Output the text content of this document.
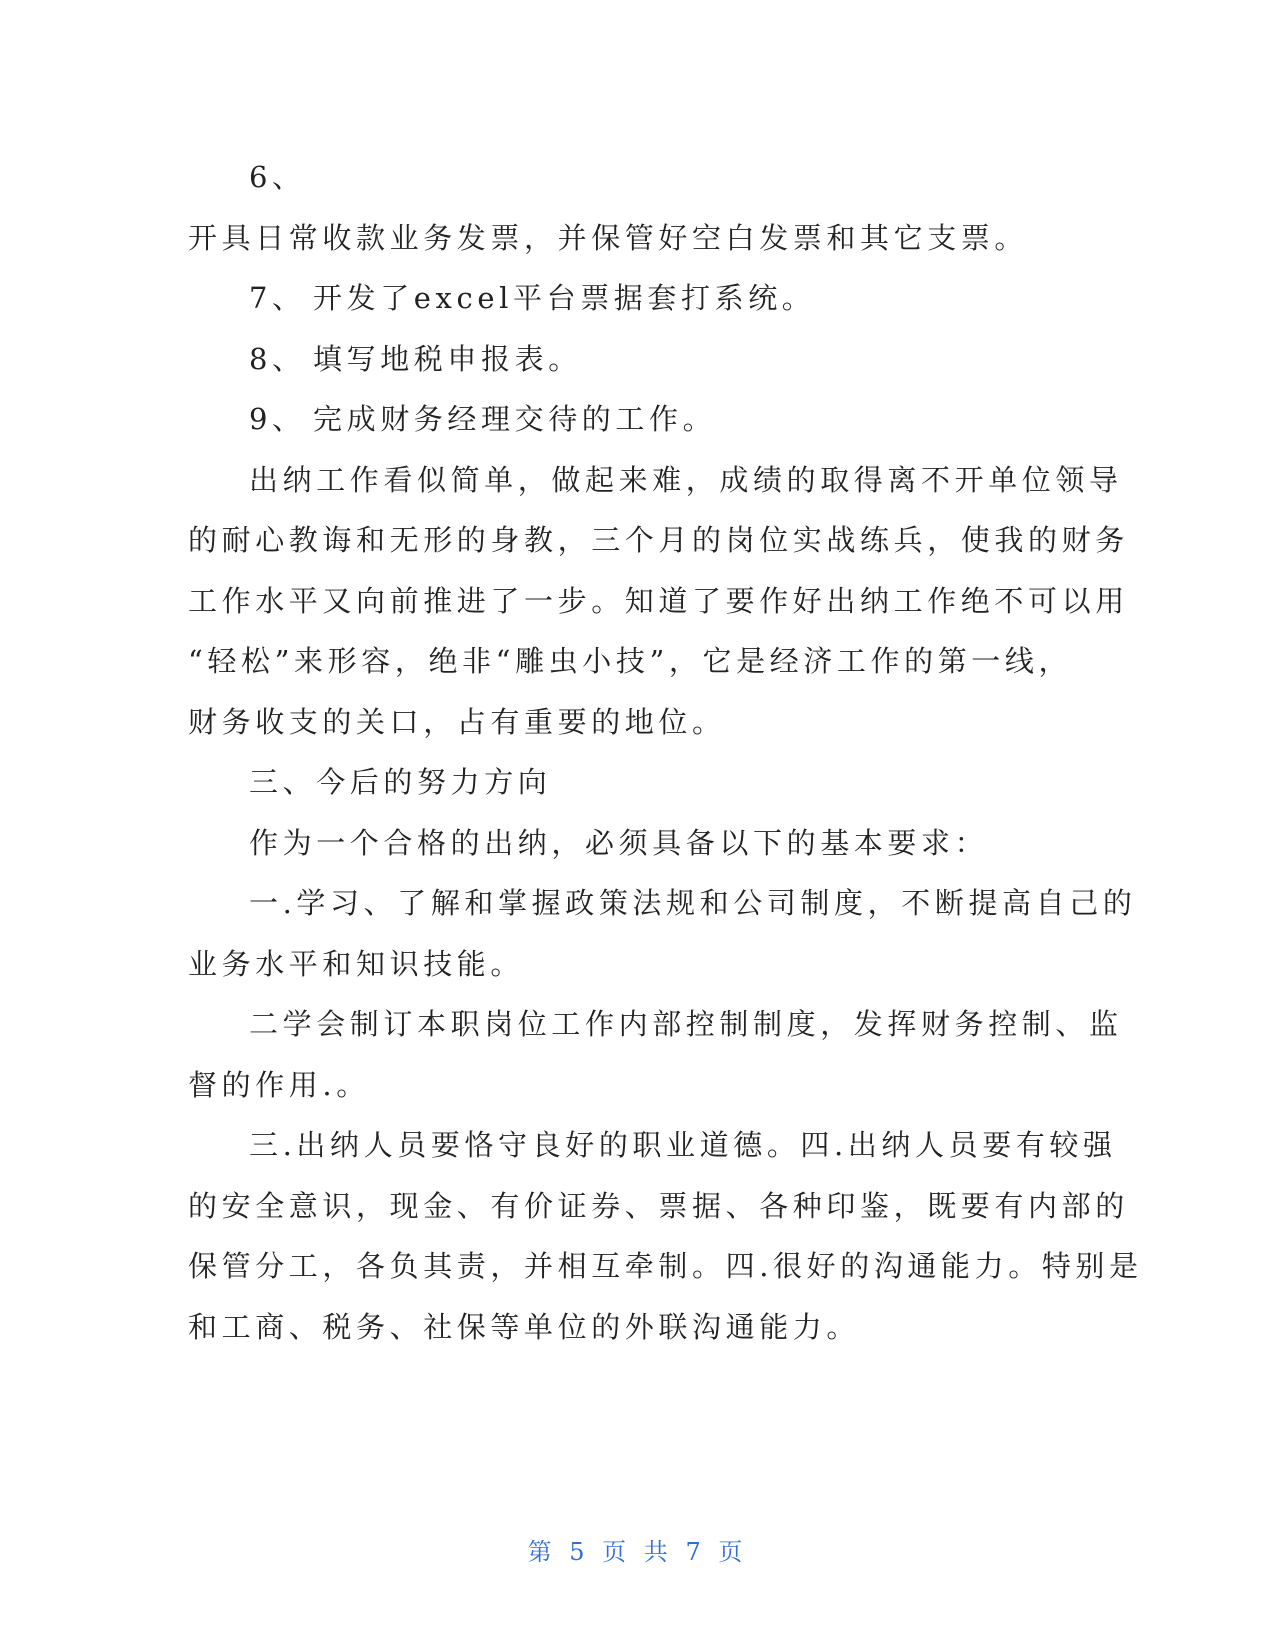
6、
开具日常收款业务发票，并保管好空白发票和其它支票。
7、 开发了excel平台票据套打系统。
8、 填写地税申报表。
9、 完成财务经理交待的工作。
出纳工作看似简单，做起来难，成绩的取得离不开单位领导
的耐心教诲和无形的身教，三个月的岗位实战练兵，使我的财务
工作水平又向前推进了一步。知道了要作好出纳工作绝不可以用
“轻松”来形容，绝非“雕虫小技”，它是经济工作的第一线，
财务收支的关口，占有重要的地位。
三、今后的努力方向
作为一个合格的出纳，必须具备以下的基本要求：
一.学习、了解和掌握政策法规和公司制度，不断提高自己的
业务水平和知识技能。
二学会制订本职岗位工作内部控制制度，发挥财务控制、监
督的作用.。
三.出纳人员要恪守良好的职业道德。四.出纳人员要有较强
的安全意识，现金、有价证券、票据、各种印鉴，既要有内部的
保管分工，各负其责，并相互牵制。四.很好的沟通能力。特别是
和工商、税务、社保等单位的外联沟通能力。
第 5 页 共 7 页
